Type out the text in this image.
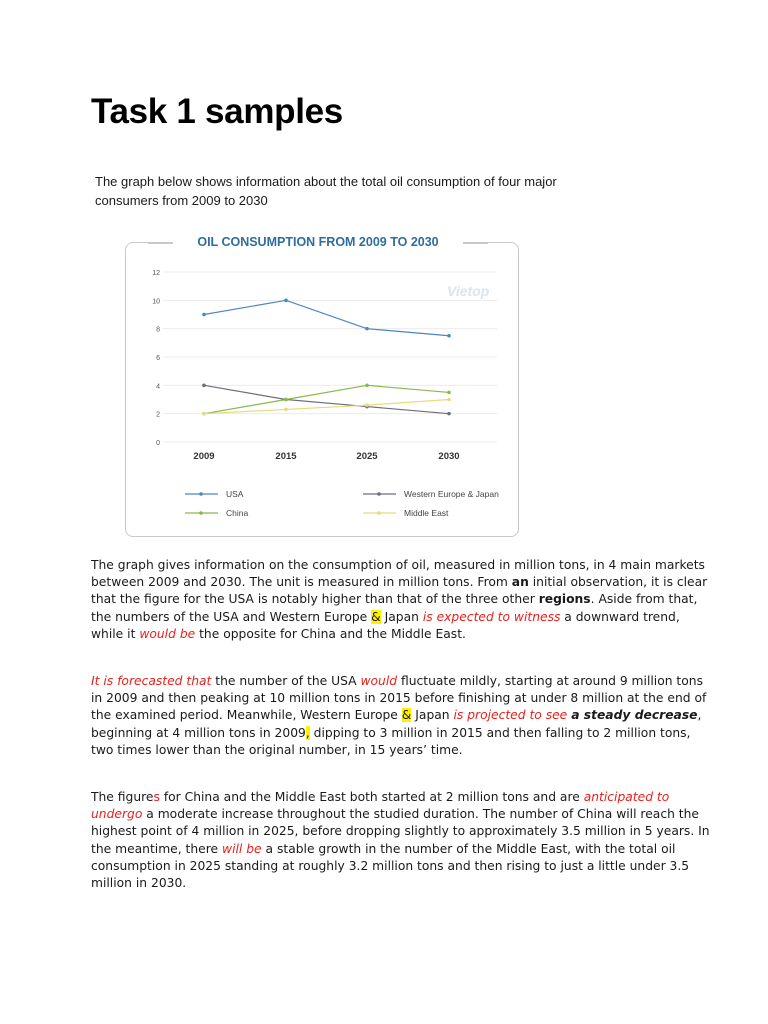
Task 1 samples

The graph below shows information about the total oil consumption of four major consumers from 2009 to 2030

OIL CONSUMPTION FROM 2009 TO 2030
Vietop
0
2
4
6
8
10
12
2009	2015	2025	2030
USA	Western Europe & Japan
China	Middle East

The graph gives information on the consumption of oil, measured in million tons, in 4 main markets between 2009 and 2030. The unit is measured in million tons. From an initial observation, it is clear that the figure for the USA is notably higher than that of the three other regions. Aside from that, the numbers of the USA and Western Europe & Japan is expected to witness a downward trend, while it would be the opposite for China and the Middle East.

It is forecasted that the number of the USA would fluctuate mildly, starting at around 9 million tons in 2009 and then peaking at 10 million tons in 2015 before finishing at under 8 million at the end of the examined period. Meanwhile, Western Europe & Japan is projected to see a steady decrease, beginning at 4 million tons in 2009, dipping to 3 million in 2015 and then falling to 2 million tons, two times lower than the original number, in 15 years’ time.

The figures for China and the Middle East both started at 2 million tons and are anticipated to undergo a moderate increase throughout the studied duration. The number of China will reach the highest point of 4 million in 2025, before dropping slightly to approximately 3.5 million in 5 years. In the meantime, there will be a stable growth in the number of the Middle East, with the total oil consumption in 2025 standing at roughly 3.2 million tons and then rising to just a little under 3.5 million in 2030.
